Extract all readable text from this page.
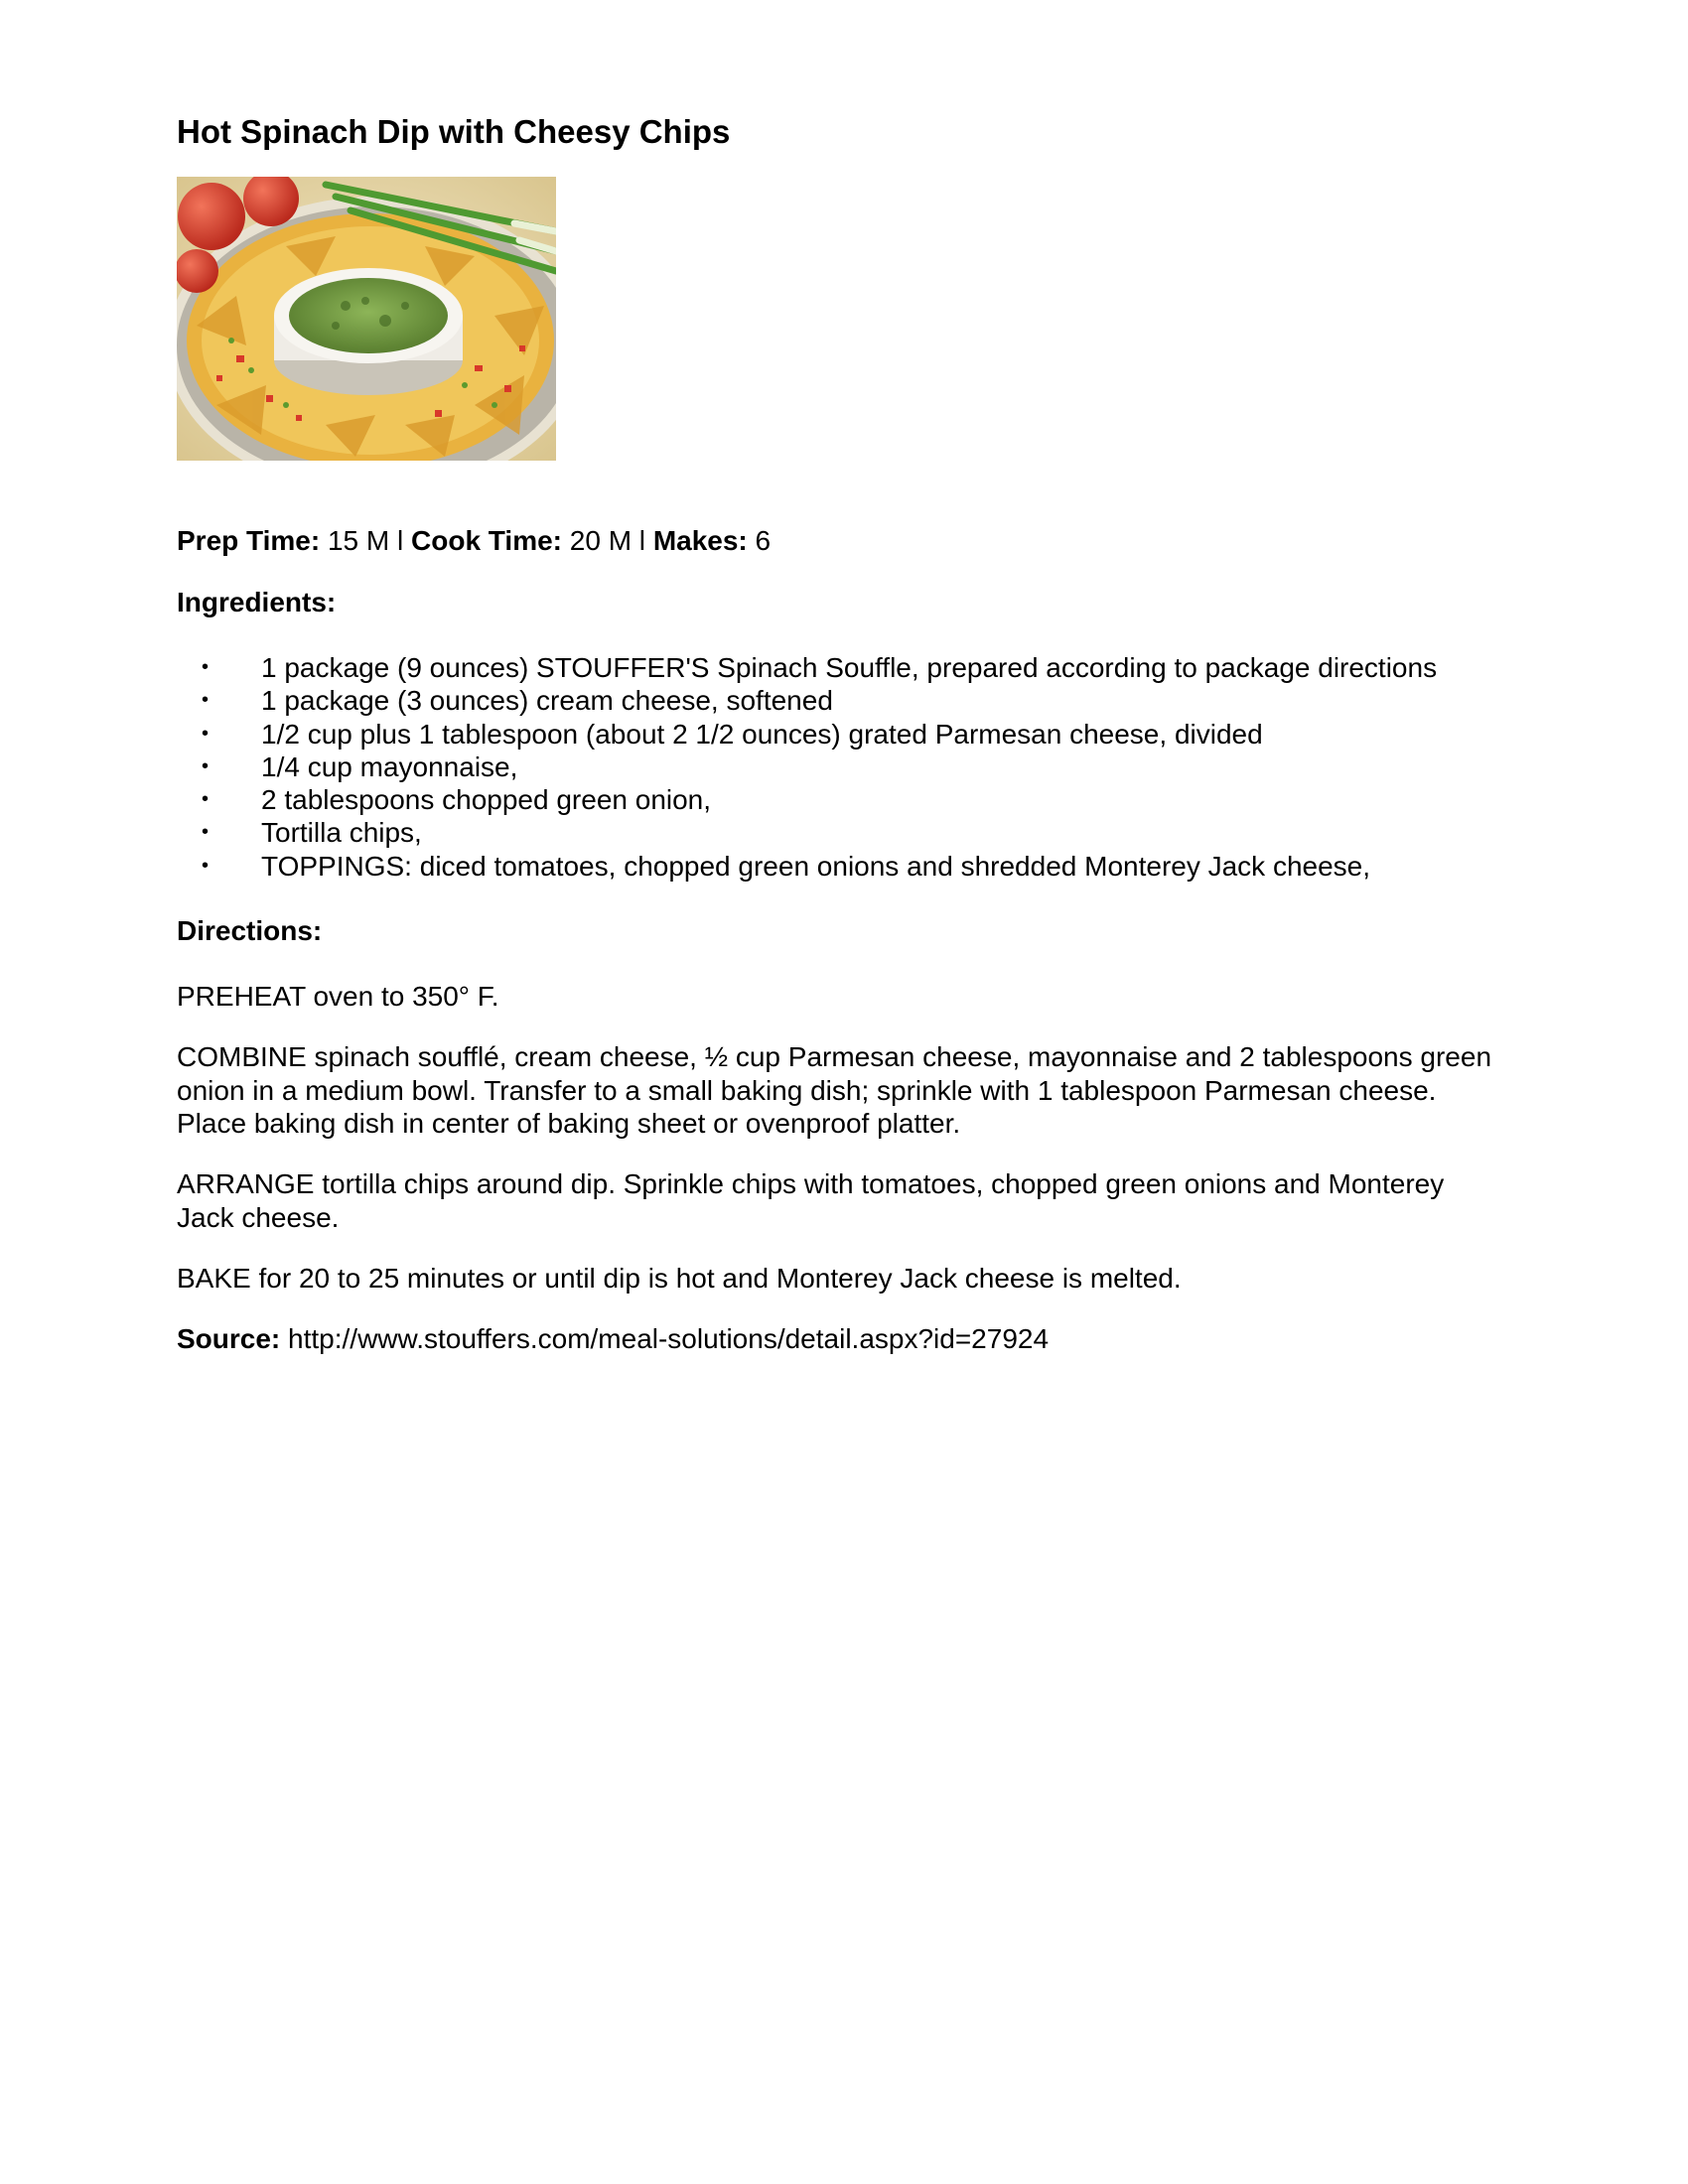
Hot Spinach Dip with Cheesy Chips
Prep Time: 15 M l Cook Time: 20 M l Makes: 6
Ingredients:
• 1 package (9 ounces) STOUFFER'S Spinach Souffle, prepared according to package directions
• 1 package (3 ounces) cream cheese, softened
• 1/2 cup plus 1 tablespoon (about 2 1/2 ounces) grated Parmesan cheese, divided
• 1/4 cup mayonnaise,
• 2 tablespoons chopped green onion,
• Tortilla chips,
• TOPPINGS: diced tomatoes, chopped green onions and shredded Monterey Jack cheese,
Directions:

PREHEAT oven to 350° F.

COMBINE spinach soufflé, cream cheese, ½ cup Parmesan cheese, mayonnaise and 2 tablespoons green onion in a medium bowl. Transfer to a small baking dish; sprinkle with 1 tablespoon Parmesan cheese. Place baking dish in center of baking sheet or ovenproof platter.

ARRANGE tortilla chips around dip. Sprinkle chips with tomatoes, chopped green onions and Monterey Jack cheese.

BAKE for 20 to 25 minutes or until dip is hot and Monterey Jack cheese is melted.

Source: http://www.stouffers.com/meal-solutions/detail.aspx?id=27924
